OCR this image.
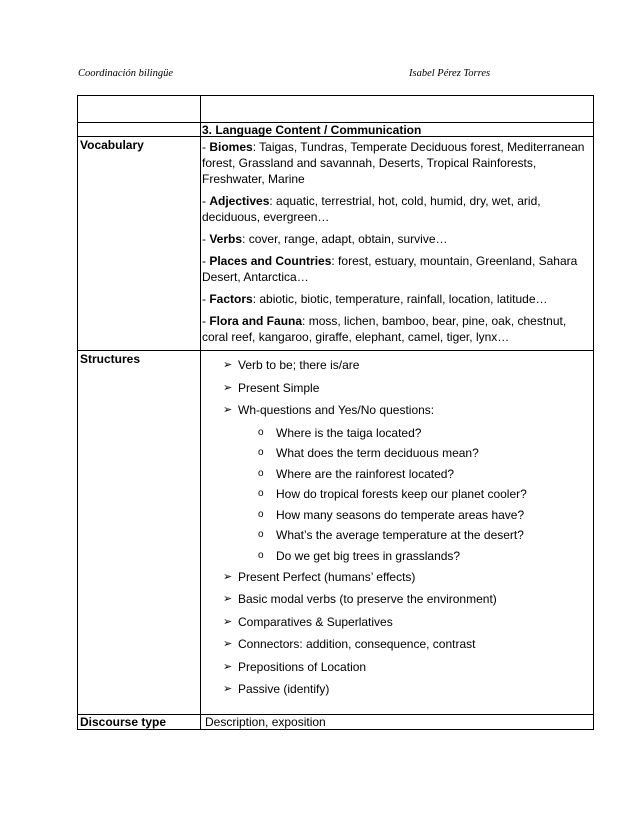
Coordinación bilingüe	Isabel Pérez Torres
3. Language Content / Communication
Vocabulary	- Biomes: Taigas, Tundras, Temperate Deciduous forest, Mediterranean forest, Grassland and savannah, Deserts, Tropical Rainforests, Freshwater, Marine

- Adjectives: aquatic, terrestrial, hot, cold, humid, dry, wet, arid, deciduous, evergreen…

- Verbs: cover, range, adapt, obtain, survive…

- Places and Countries: forest, estuary, mountain, Greenland, Sahara Desert, Antarctica…

- Factors: abiotic, biotic, temperature, rainfall, location, latitude…

- Flora and Fauna: moss, lichen, bamboo, bear, pine, oak, chestnut, coral reef, kangaroo, giraffe, elephant, camel, tiger, lynx…

Structures	➢ Verb to be; there is/are
➢ Present Simple
➢ Wh-questions and Yes/No questions:
o Where is the taiga located?
o What does the term deciduous mean?
o Where are the rainforest located?
o How do tropical forests keep our planet cooler?
o How many seasons do temperate areas have?
o What’s the average temperature at the desert?
o Do we get big trees in grasslands?
➢ Present Perfect (humans’ effects)
➢ Basic modal verbs (to preserve the environment)
➢ Comparatives & Superlatives
➢ Connectors: addition, consequence, contrast
➢ Prepositions of Location
➢ Passive (identify)
Discourse type	Description, exposition
